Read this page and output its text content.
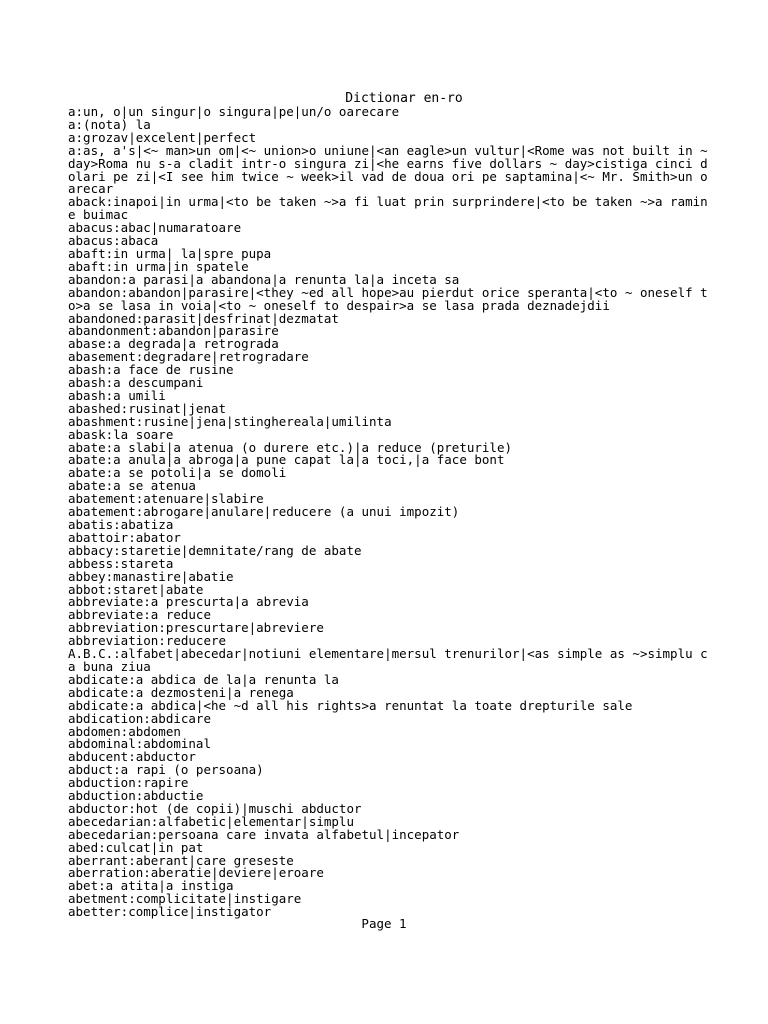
Dictionar en-ro
a:un, o|un singur|o singura|pe|un/o oarecare
a:(nota) la
a:grozav|excelent|perfect
a:as, a's|<~ man>un om|<~ union>o uniune|<an eagle>un vultur|<Rome was not built in ~ day>Roma nu s-a cladit intr-o singura zi|<he earns five dollars ~ day>cistiga cinci dolari pe zi|<I see him twice ~ week>il vad de doua ori pe saptamina|<~ Mr. Smith>un oarecar
aback:inapoi|in urma|<to be taken ~>a fi luat prin surprindere|<to be taken ~>a ramine buimac
abacus:abac|numaratoare
abacus:abaca
abaft:in urma| la|spre pupa
abaft:in urma|in spatele
abandon:a parasi|a abandona|a renunta la|a inceta sa
abandon:abandon|parasire|<they ~ed all hope>au pierdut orice speranta|<to ~ oneself to>a se lasa in voia|<to ~ oneself to despair>a se lasa prada deznadejdii
abandoned:parasit|desfrinat|dezmatat
abandonment:abandon|parasire
abase:a degrada|a retrograda
abasement:degradare|retrogradare
abash:a face de rusine
abash:a descumpani
abash:a umili
abashed:rusinat|jenat
abashment:rusine|jena|stinghereala|umilinta
abask:la soare
abate:a slabi|a atenua (o durere etc.)|a reduce (preturile)
abate:a anula|a abroga|a pune capat la|a toci,|a face bont
abate:a se potoli|a se domoli
abate:a se atenua
abatement:atenuare|slabire
abatement:abrogare|anulare|reducere (a unui impozit)
abatis:abatiza
abattoir:abator
abbacy:staretie|demnitate/rang de abate
abbess:stareta
abbey:manastire|abatie
abbot:staret|abate
abbreviate:a prescurta|a abrevia
abbreviate:a reduce
abbreviation:prescurtare|abreviere
abbreviation:reducere
A.B.C.:alfabet|abecedar|notiuni elementare|mersul trenurilor|<as simple as ~>simplu ca buna ziua
abdicate:a abdica de la|a renunta la
abdicate:a dezmosteni|a renega
abdicate:a abdica|<he ~d all his rights>a renuntat la toate drepturile sale
abdication:abdicare
abdomen:abdomen
abdominal:abdominal
abducent:abductor
abduct:a rapi (o persoana)
abduction:rapire
abduction:abductie
abductor:hot (de copii)|muschi abductor
abecedarian:alfabetic|elementar|simplu
abecedarian:persoana care invata alfabetul|incepator
abed:culcat|in pat
aberrant:aberant|care greseste
aberration:aberatie|deviere|eroare
abet:a atita|a instiga
abetment:complicitate|instigare
abetter:complice|instigator
Page 1
